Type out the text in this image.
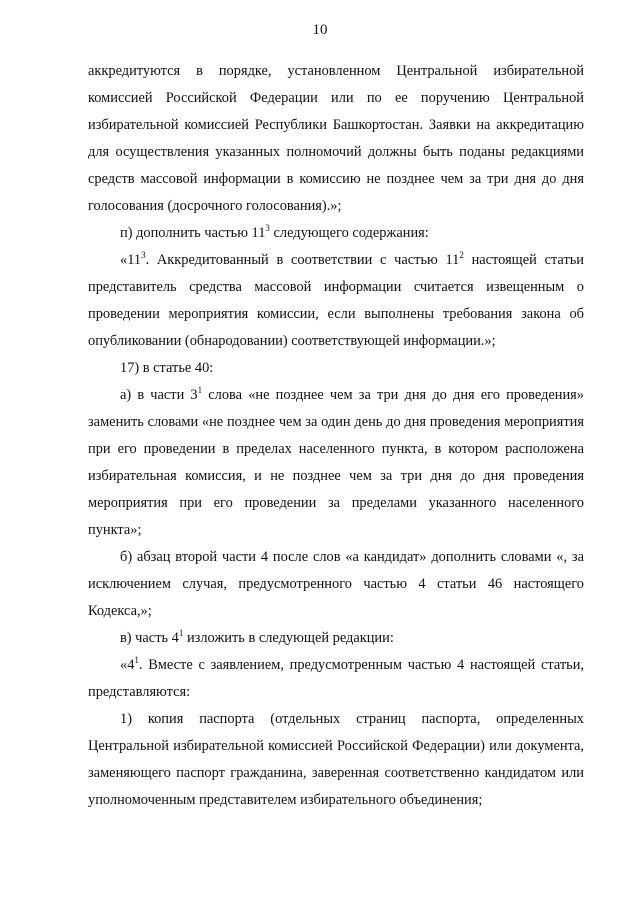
10

аккредитуются в порядке, установленном Центральной избирательной комиссией Российской Федерации или по ее поручению Центральной избирательной комиссией Республики Башкортостан. Заявки на аккредитацию для осуществления указанных полномочий должны быть поданы редакциями средств массовой информации в комиссию не позднее чем за три дня до дня голосования (досрочного голосования).»;

п) дополнить частью $11^3$ следующего содержания:

«$11^3$. Аккредитованный в соответствии с частью $11^2$ настоящей статьи представитель средства массовой информации считается извещенным о проведении мероприятия комиссии, если выполнены требования закона об опубликовании (обнародовании) соответствующей информации.»;

17) в статье 40:

а) в части $3^1$ слова «не позднее чем за три дня до дня его проведения» заменить словами «не позднее чем за один день до дня проведения мероприятия при его проведении в пределах населенного пункта, в котором расположена избирательная комиссия, и не позднее чем за три дня до дня проведения мероприятия при его проведении за пределами указанного населенного пункта»;

б) абзац второй части 4 после слов «а кандидат» дополнить словами «, за исключением случая, предусмотренного частью 4 статьи 46 настоящего Кодекса,»;

в) часть $4^1$ изложить в следующей редакции:

«$4^1$. Вместе с заявлением, предусмотренным частью 4 настоящей статьи, представляются:

1) копия паспорта (отдельных страниц паспорта, определенных Центральной избирательной комиссией Российской Федерации) или документа, заменяющего паспорт гражданина, заверенная соответственно кандидатом или уполномоченным представителем избирательного объединения;
